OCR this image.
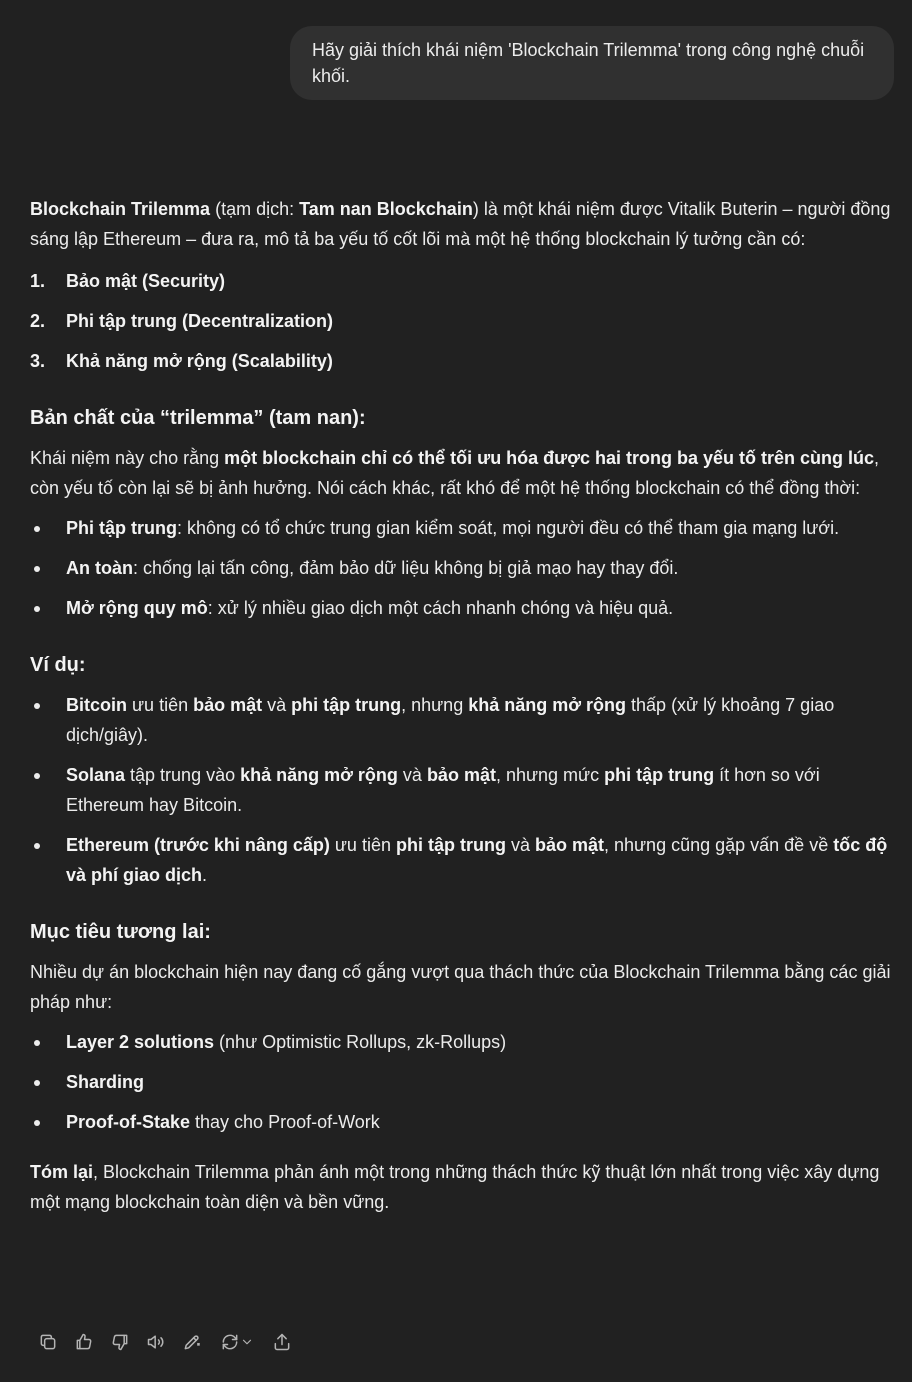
Hãy giải thích khái niệm 'Blockchain Trilemma' trong công nghệ chuỗi khối.

Blockchain Trilemma (tạm dịch: Tam nan Blockchain) là một khái niệm được Vitalik Buterin – người đồng sáng lập Ethereum – đưa ra, mô tả ba yếu tố cốt lõi mà một hệ thống blockchain lý tưởng cần có:

1. Bảo mật (Security)
2. Phi tập trung (Decentralization)
3. Khả năng mở rộng (Scalability)
Bản chất của “trilemma” (tam nan):

Khái niệm này cho rằng một blockchain chỉ có thể tối ưu hóa được hai trong ba yếu tố trên cùng lúc, còn yếu tố còn lại sẽ bị ảnh hưởng. Nói cách khác, rất khó để một hệ thống blockchain có thể đồng thời:

Phi tập trung: không có tổ chức trung gian kiểm soát, mọi người đều có thể tham gia mạng lưới.
An toàn: chống lại tấn công, đảm bảo dữ liệu không bị giả mạo hay thay đổi.
Mở rộng quy mô: xử lý nhiều giao dịch một cách nhanh chóng và hiệu quả.
Ví dụ:
Bitcoin ưu tiên bảo mật và phi tập trung, nhưng khả năng mở rộng thấp (xử lý khoảng 7 giao dịch/giây).
Solana tập trung vào khả năng mở rộng và bảo mật, nhưng mức phi tập trung ít hơn so với Ethereum hay Bitcoin.
Ethereum (trước khi nâng cấp) ưu tiên phi tập trung và bảo mật, nhưng cũng gặp vấn đề về tốc độ và phí giao dịch.
Mục tiêu tương lai:

Nhiều dự án blockchain hiện nay đang cố gắng vượt qua thách thức của Blockchain Trilemma bằng các giải pháp như:

Layer 2 solutions (như Optimistic Rollups, zk-Rollups)
Sharding
Proof-of-Stake thay cho Proof-of-Work

Tóm lại, Blockchain Trilemma phản ánh một trong những thách thức kỹ thuật lớn nhất trong việc xây dựng một mạng blockchain toàn diện và bền vững.
